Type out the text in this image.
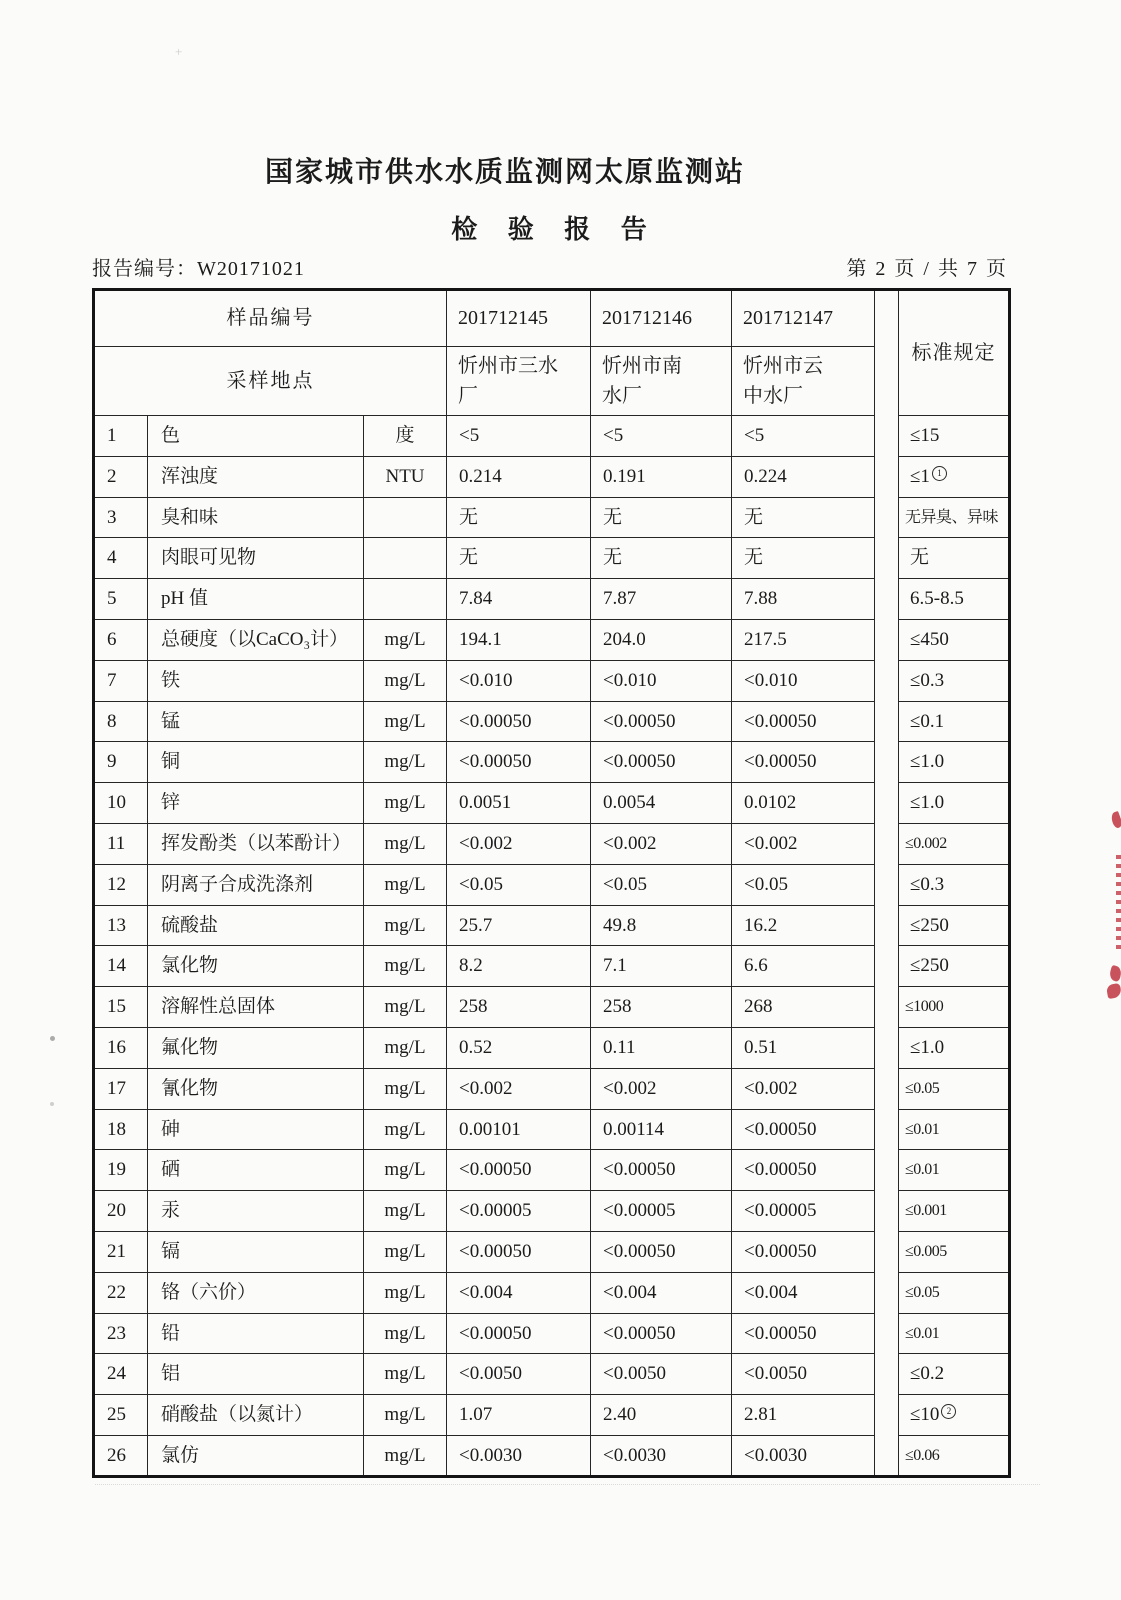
国家城市供水水质监测网太原监测站
检 验 报 告
报告编号：W20171021	第 2 页 / 共 7 页
样品编号			201712145	201712146	201712147		标准规定
采样地点			忻州市三水厂	忻州市南水厂	忻州市云中水厂		
1	色	度	<5	<5	<5		≤15
2	浑浊度	NTU	0.214	0.191	0.224		≤1 1
3	臭和味		无	无	无		无异臭、异味
4	肉眼可见物		无	无	无		无
5	pH 值		7.84	7.87	7.88		6.5-8.5
6	总硬度（以CaCO₃计）	mg/L	194.1	204.0	217.5		≤450
7	铁	mg/L	<0.010	<0.010	<0.010		≤0.3
8	锰	mg/L	<0.00050	<0.00050	<0.00050		≤0.1
9	铜	mg/L	<0.00050	<0.00050	<0.00050		≤1.0
10	锌	mg/L	0.0051	0.0054	0.0102		≤1.0
11	挥发酚类（以苯酚计）	mg/L	<0.002	<0.002	<0.002		≤0.002
12	阴离子合成洗涤剂	mg/L	<0.05	<0.05	<0.05		≤0.3
13	硫酸盐	mg/L	25.7	49.8	16.2		≤250
14	氯化物	mg/L	8.2	7.1	6.6		≤250
15	溶解性总固体	mg/L	258	258	268		≤1000
16	氟化物	mg/L	0.52	0.11	0.51		≤1.0
17	氰化物	mg/L	<0.002	<0.002	<0.002		≤0.05
18	砷	mg/L	0.00101	0.00114	<0.00050		≤0.01
19	硒	mg/L	<0.00050	<0.00050	<0.00050		≤0.01
20	汞	mg/L	<0.00005	<0.00005	<0.00005		≤0.001
21	镉	mg/L	<0.00050	<0.00050	<0.00050		≤0.005
22	铬（六价）	mg/L	<0.004	<0.004	<0.004		≤0.05
23	铅	mg/L	<0.00050	<0.00050	<0.00050		≤0.01
24	铝	mg/L	<0.0050	<0.0050	<0.0050		≤0.2
25	硝酸盐（以氮计）	mg/L	1.07	2.40	2.81		≤10 2
26	氯仿	mg/L	<0.0030	<0.0030	<0.0030		≤0.06
+
